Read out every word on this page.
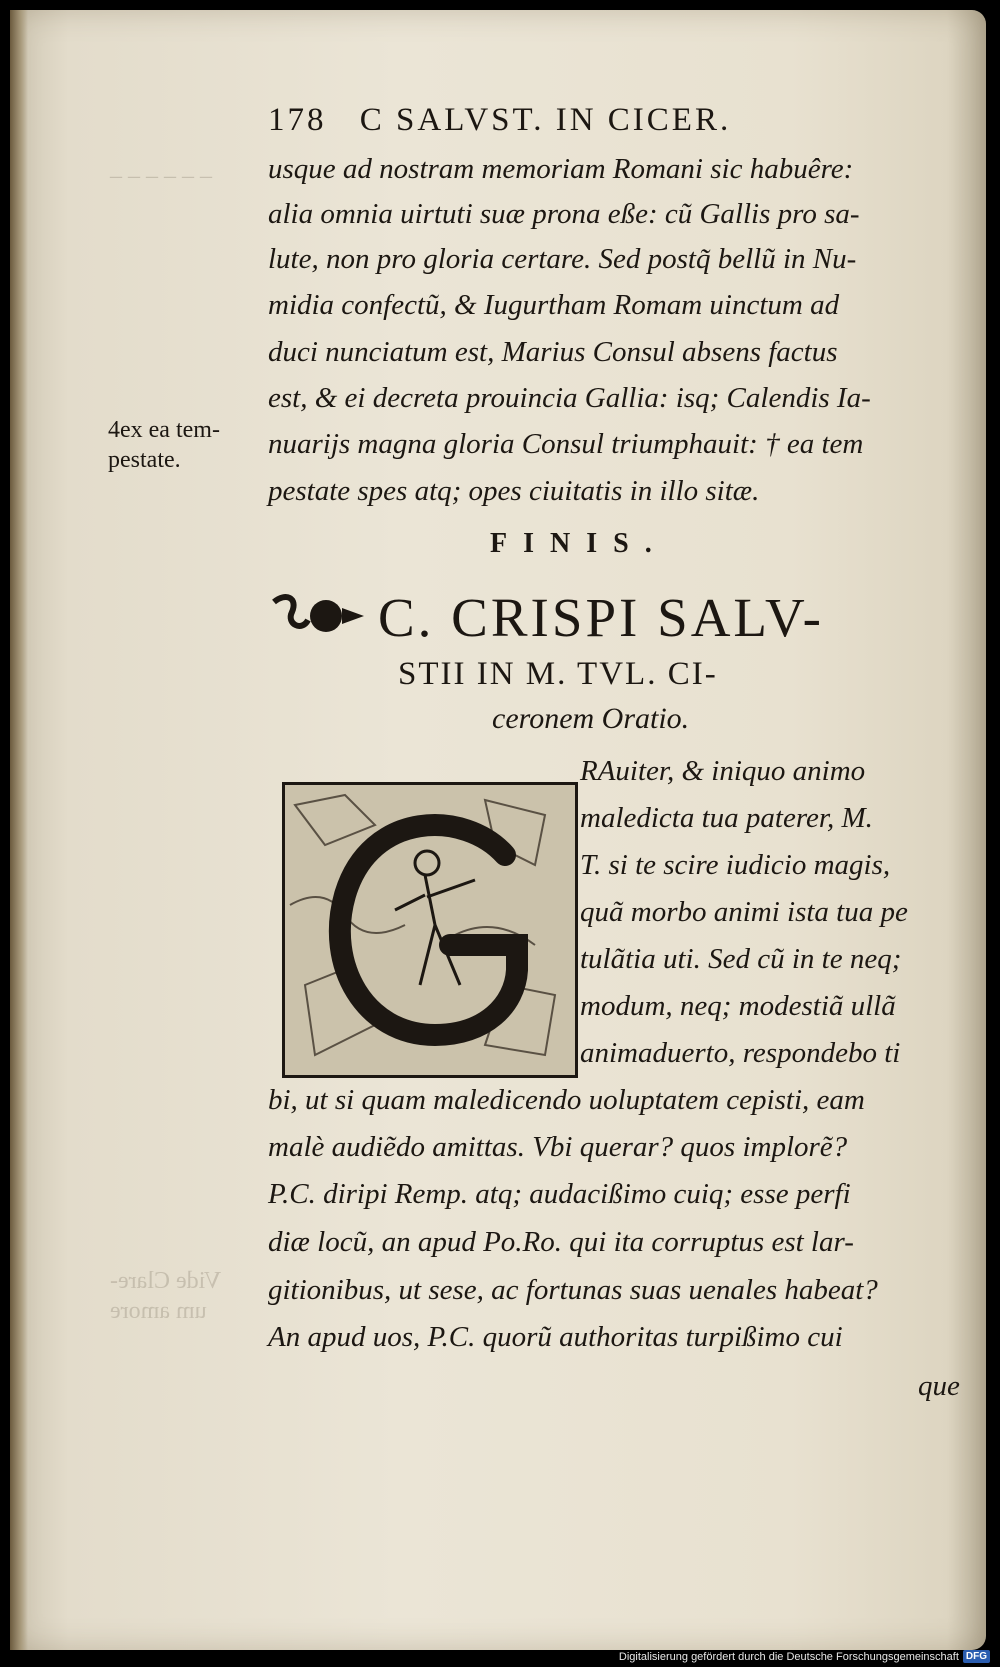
_ _ _ _ _ _
178 C SALVST. IN CICER.
usque ad nostram memoriam Romani sic habuêre:
alia omnia uirtuti suæ prona eße: cũ Gallis pro sa-
lute, non pro gloria certare. Sed postq̃ bellũ in Nu-
midia confectũ, & Iugurtham Romam uinctum ad
duci nunciatum est, Marius Consul absens factus
est, & ei decreta prouincia Gallia: isq; Calendis Ia-
nuarijs magna gloria Consul triumphauit: † ea tem
pestate spes atq; opes ciuitatis in illo sitæ.
4ex ea tem-
pestate.
FINIS.
C. CRISPI SALV-
STII IN M. TVL. CI-
ceronem Oratio.
RAuiter, & iniquo animo
maledicta tua paterer, M.
T. si te scire iudicio magis,
quã morbo animi ista tua pe
tulãtia uti. Sed cũ in te neq;
modum, neq; modestiã ullã
animaduerto, respondebo ti
Vide Clare-
um amore
bi, ut si quam maledicendo uoluptatem cepisti, eam
malè audiẽdo amittas. Vbi querar? quos implorẽ?
P.C. diripi Remp. atq; audacißimo cuiq; esse perfi
diæ locũ, an apud Po.Ro. qui ita corruptus est lar-
gitionibus, ut sese, ac fortunas suas uenales habeat?
An apud uos, P.C. quorũ authoritas turpißimo cui
que
Digitalisierung gefördert durch die Deutsche Forschungsgemeinschaft DFG
